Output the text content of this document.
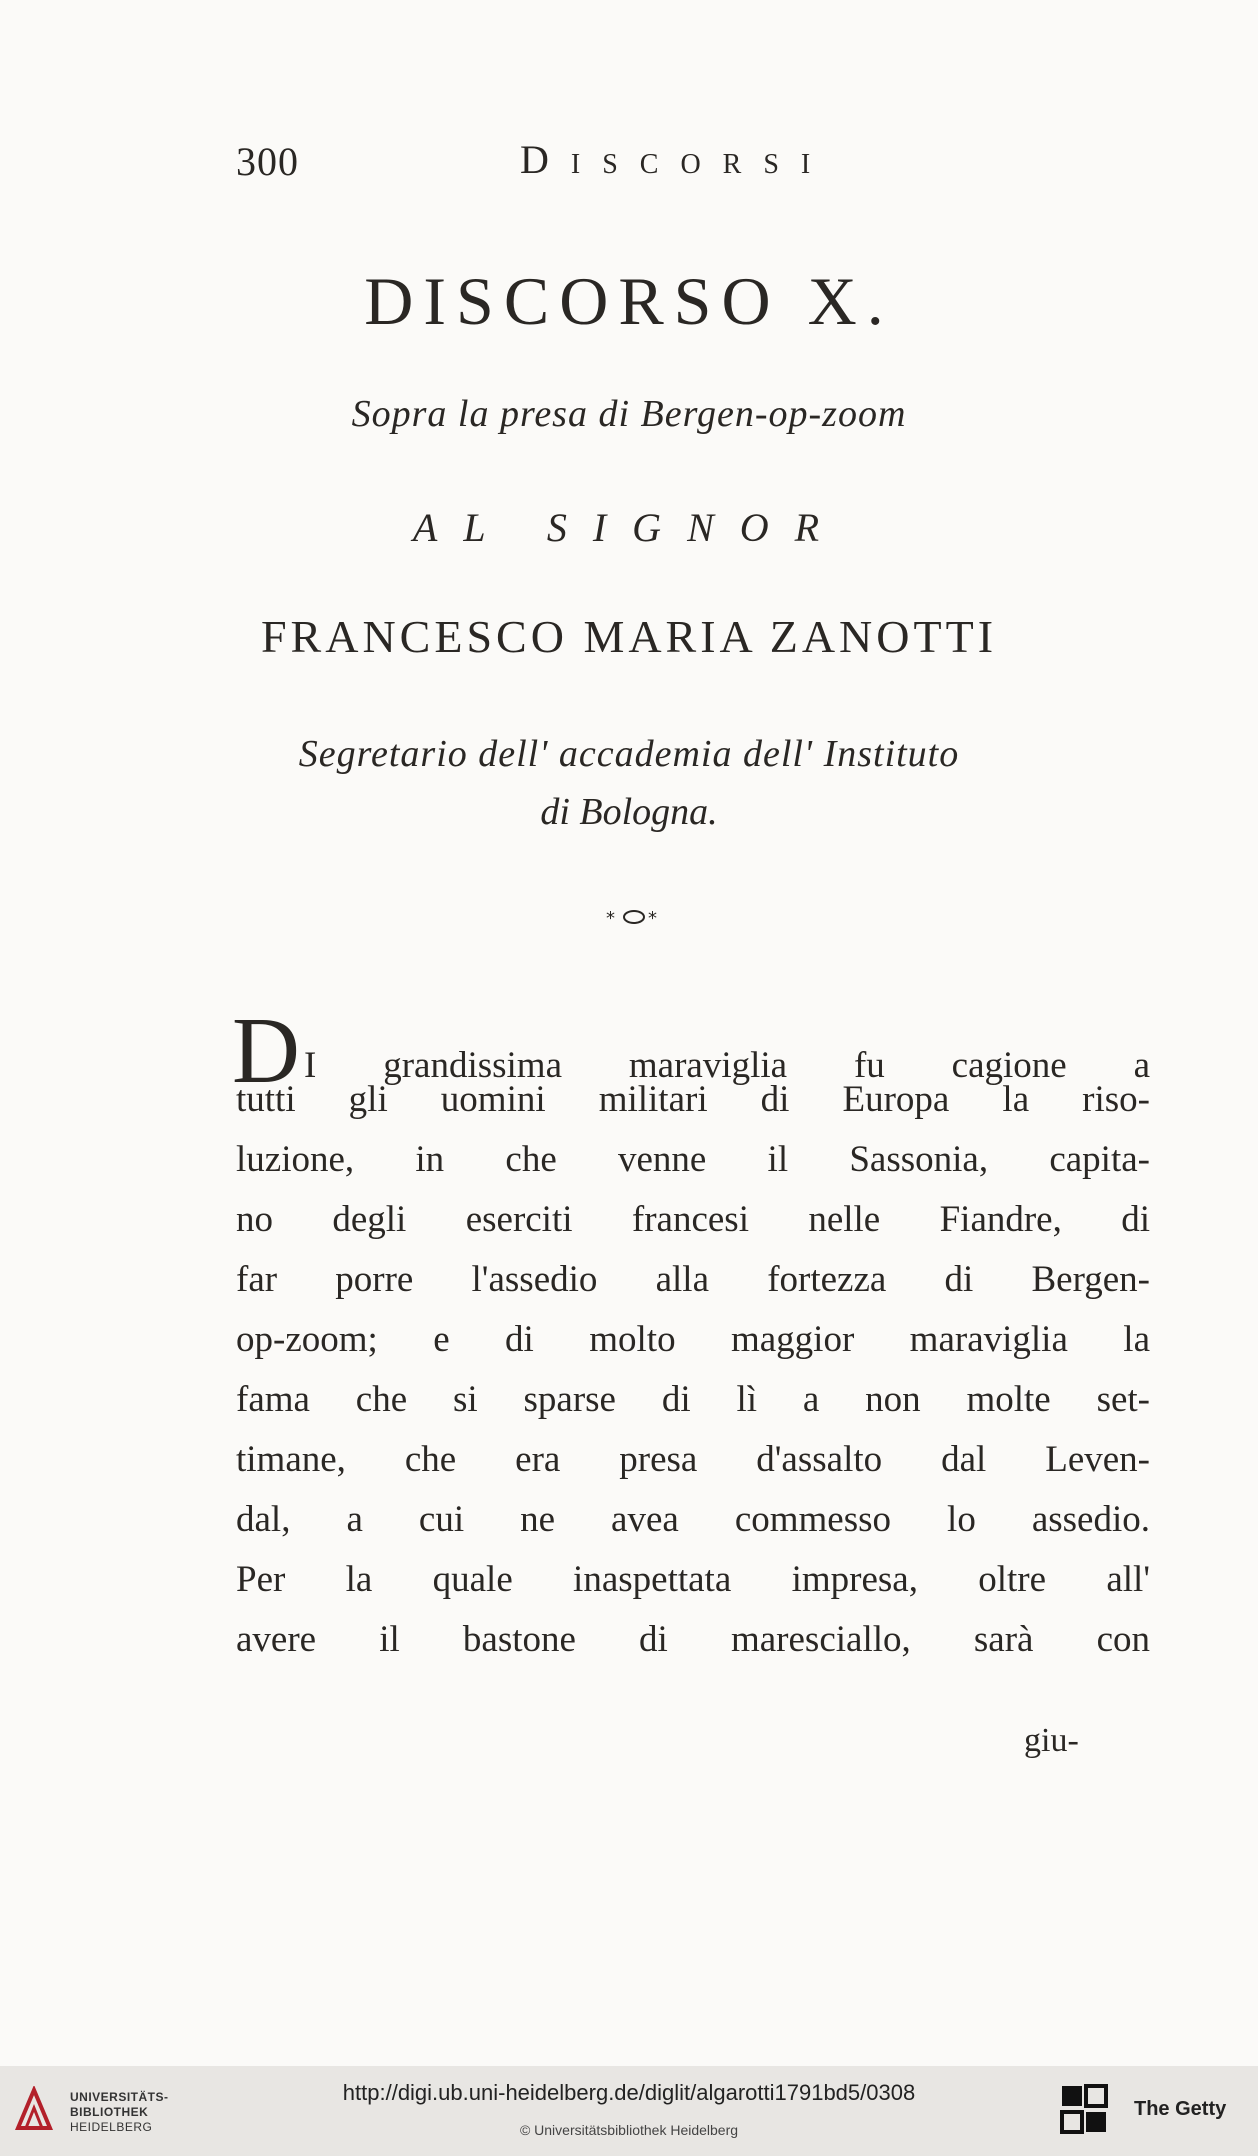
300	Discorsi

DISCORSO X.

Sopra la presa di Bergen-op-zoom

AL SIGNOR

FRANCESCO MARIA ZANOTTI

Segretario dell' accademia dell' Instituto

di Bologna.

* *
D I grandissima maraviglia fu cagione a
tutti gli uomini militari di Europa la riso-
luzione, in che venne il Sassonia, capita-
no degli eserciti francesi nelle Fiandre, di
far porre l'assedio alla fortezza di Bergen-
op-zoom; e di molto maggior maraviglia la
fama che si sparse di lì a non molte set-
timane, che era presa d'assalto dal Leven-
dal, a cui ne avea commesso lo assedio.
Per la quale inaspettata impresa, oltre all'
avere il bastone di maresciallo, sarà con

giu-

UNIVERSITÄTS-
BIBLIOTHEK
HEIDELBERG
http://digi.ub.uni-heidelberg.de/diglit/algarotti1791bd5/0308
© Universitätsbibliothek Heidelberg
The Getty
